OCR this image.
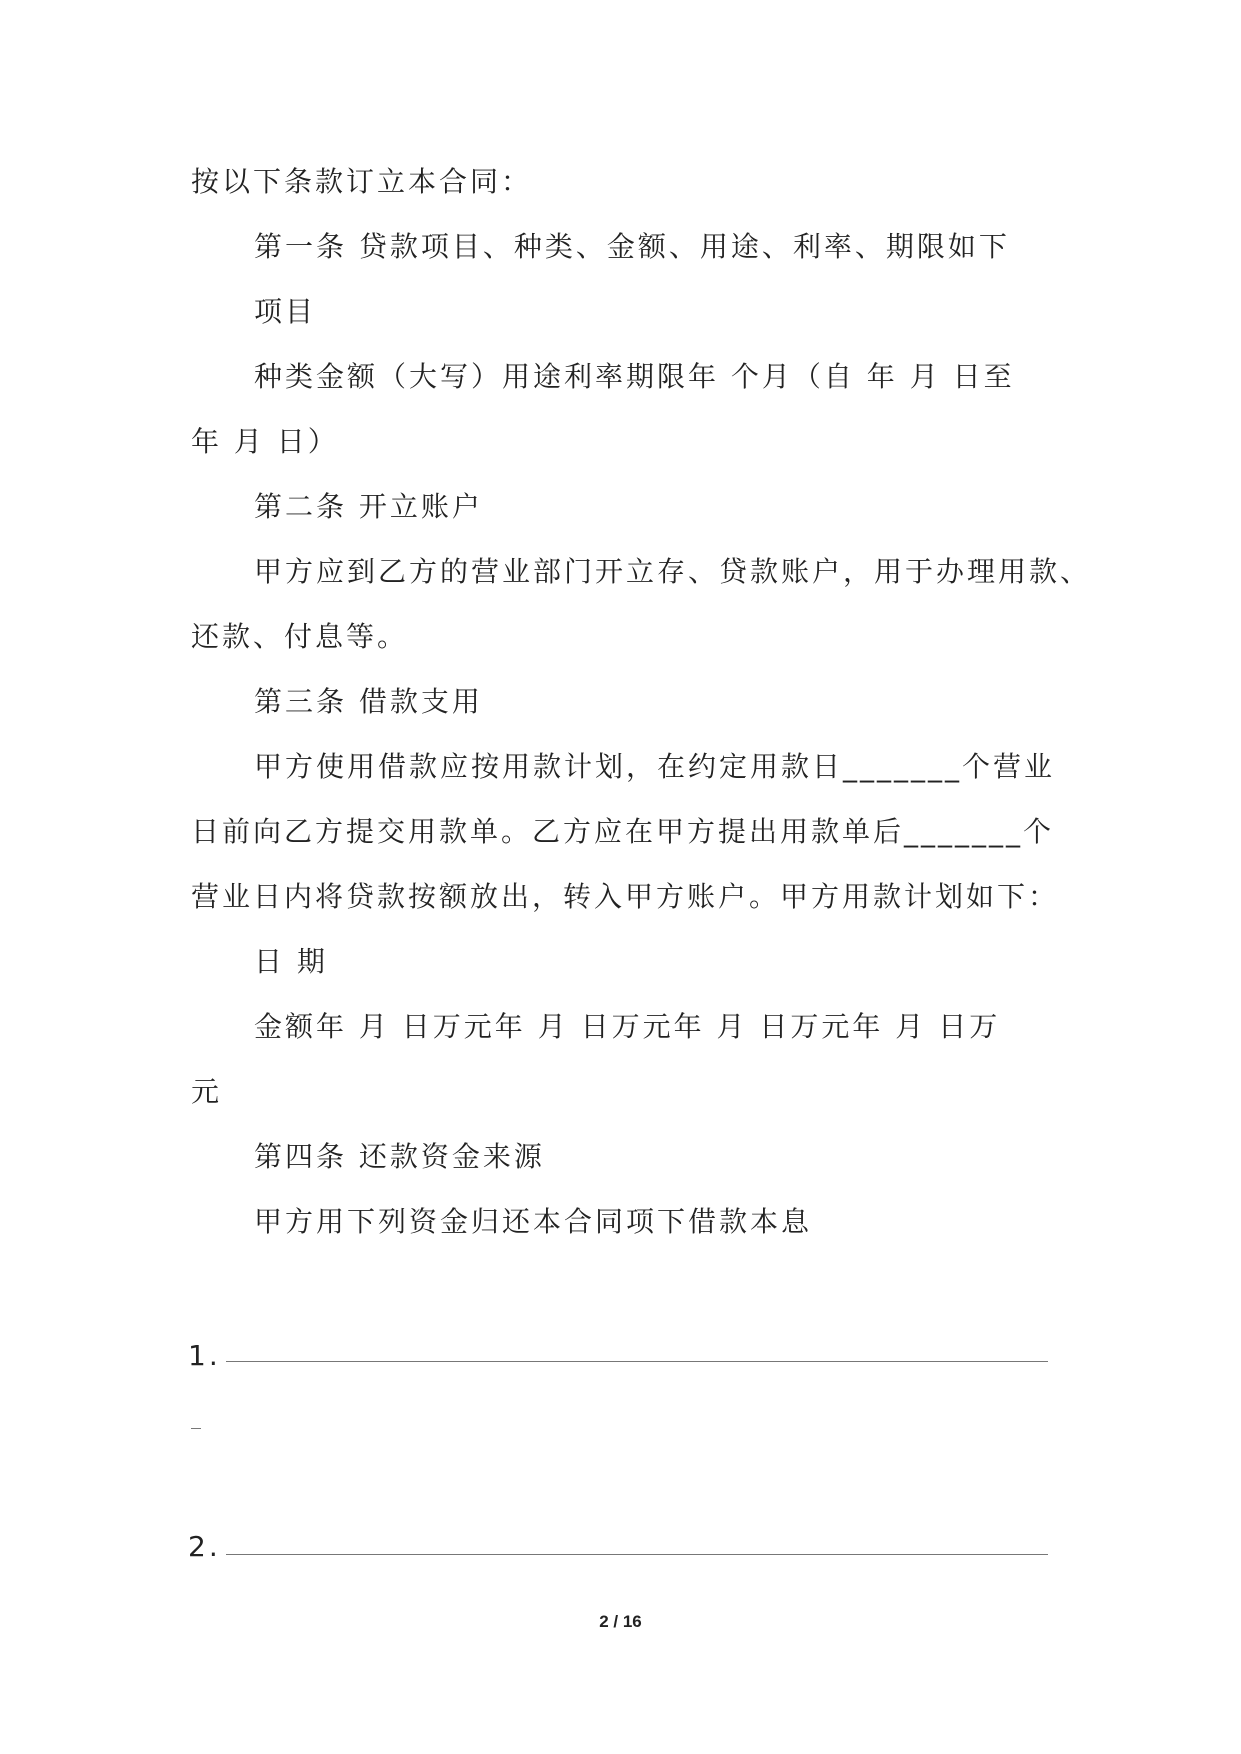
按以下条款订立本合同：
第一条 贷款项目、种类、金额、用途、利率、期限如下
项目
种类金额（大写）用途利率期限年 个月（自 年 月 日至
年 月 日）
第二条 开立账户
甲方应到乙方的营业部门开立存、贷款账户，用于办理用款、
还款、付息等。
第三条 借款支用
甲方使用借款应按用款计划，在约定用款日_______个营业
日前向乙方提交用款单。乙方应在甲方提出用款单后_______个
营业日内将贷款按额放出，转入甲方账户。甲方用款计划如下：
日 期
金额年 月 日万元年 月 日万元年 月 日万元年 月 日万
元
第四条 还款资金来源
甲方用下列资金归还本合同项下借款本息
1.
2.
2 / 16
